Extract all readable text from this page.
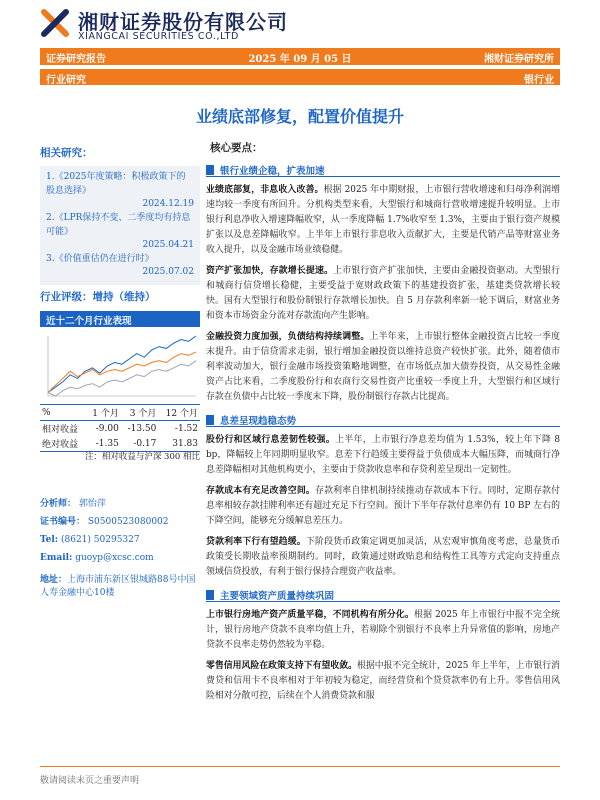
湘财证券股份有限公司
XIANGCAI SECURITIES CO.,LTD
证券研究报告	2025 年 09 月 05 日	湘财证券研究所
行业研究	银行业
业绩底部修复，配置价值提升
相关研究：
1.《2025年度策略：积极政策下的股息选择》
2024.12.19
2.《LPR保持不变、二季度均有持息可能》
2025.04.21
3.《价值重估仍在进行时》
2025.07.02
行业评级：增持（维持）
近十二个月行业表现
%	1 个月	3 个月	12 个月
相对收益	-9.00	-13.50	-1.52
绝对收益	-1.35	-0.17	31.83
注：相对收益与沪深 300 相比
分析师： 郭怡萍
证书编号： S0500523080002
Tel: (8621) 50295327
Email: guoyp@xcsc.com
地址：上海市浦东新区银城路88号中国人寿金融中心10楼
核心要点：
银行业绩企稳，扩表加速

业绩底部复，非息收入改善。根据 2025 年中期财报，上市银行营收增速和归母净利润增速均较一季度有所回升。分机构类型来看，大型银行和城商行营收增速提升较明显。上市银行利息净收入增速降幅收窄，从一季度降幅 1.7%收窄至 1.3%，主要由于银行资产规模扩张以及息差降幅收窄。上半年上市银行非息收入贡献扩大，主要是代销产品等财富业务收入提升，以及金融市场业绩稳健。

资产扩张加快，存款增长提速。上市银行资产扩张加快，主要由金融投资驱动。大型银行和城商行信贷增长稳健，主要受益于宽财政政策下的基建投资扩张，基建类贷款增长较快。国有大型银行和股份制银行存款增长加快。自 5 月存款利率新一轮下调后，财富业务和资本市场资金分流对存款流向产生影响。

金融投资力度加强，负债结构持续调整。上半年来，上市银行整体金融投资占比较一季度末提升。由于信贷需求走弱，银行增加金融投资以维持总资产较快扩张。此外，随着债市利率波动加大，银行金融市场投资策略地调整，在市场低点加大债券投资，从交易性金融资产占比来看，二季度股份行和农商行交易性资产比重较一季度上升，大型银行和区域行存款在负债中占比较一季度末下降，股份制银行存款占比提高。

息差呈现趋稳态势

股份行和区域行息差韧性较强。上半年，上市银行净息差均值为 1.53%，较上年下降 8 bp，降幅较上年同期明显收窄。息差下行趋缓主要得益于负债成本大幅压降，而城商行净息差降幅相对其他机构更小，主要由于贷款收息率和存贷利差呈现出一定韧性。

存款成本有充足改善空间。存款利率自律机制持续推动存款成本下行。同时，定期存款付息率相较存款挂牌利率还有超过充足下行空间。预计下半年存款付息率仍有 10 BP 左右的下降空间，能够充分缓解息差压力。

贷款利率下行有望趋缓。下阶段货币政策定调更加灵活，从宏观审慎角度考虑，总量货币政策受长期收益率预期制约。同时，政策通过财政贴息和结构性工具等方式定向支持重点领域信贷投放，有利于银行保持合理资产收益率。

主要领域资产质量持续巩固

上市银行房地产资产质量平稳，不同机构有所分化。根据 2025 年上市银行中报不完全统计，银行房地产贷款不良率均值上升，若剔除个别银行不良率上升异常值的影响，房地产贷款不良率走势仍然较为平稳。

零售信用风险在政策支持下有望收敛。根据中报不完全统计，2025 年上半年，上市银行消费贷和信用卡不良率相对于年初较为稳定，而经营贷和个贷贷款率仍有上升。零售信用风险相对分散可控，后续在个人消费贷款和服

敬请阅读末页之重要声明
